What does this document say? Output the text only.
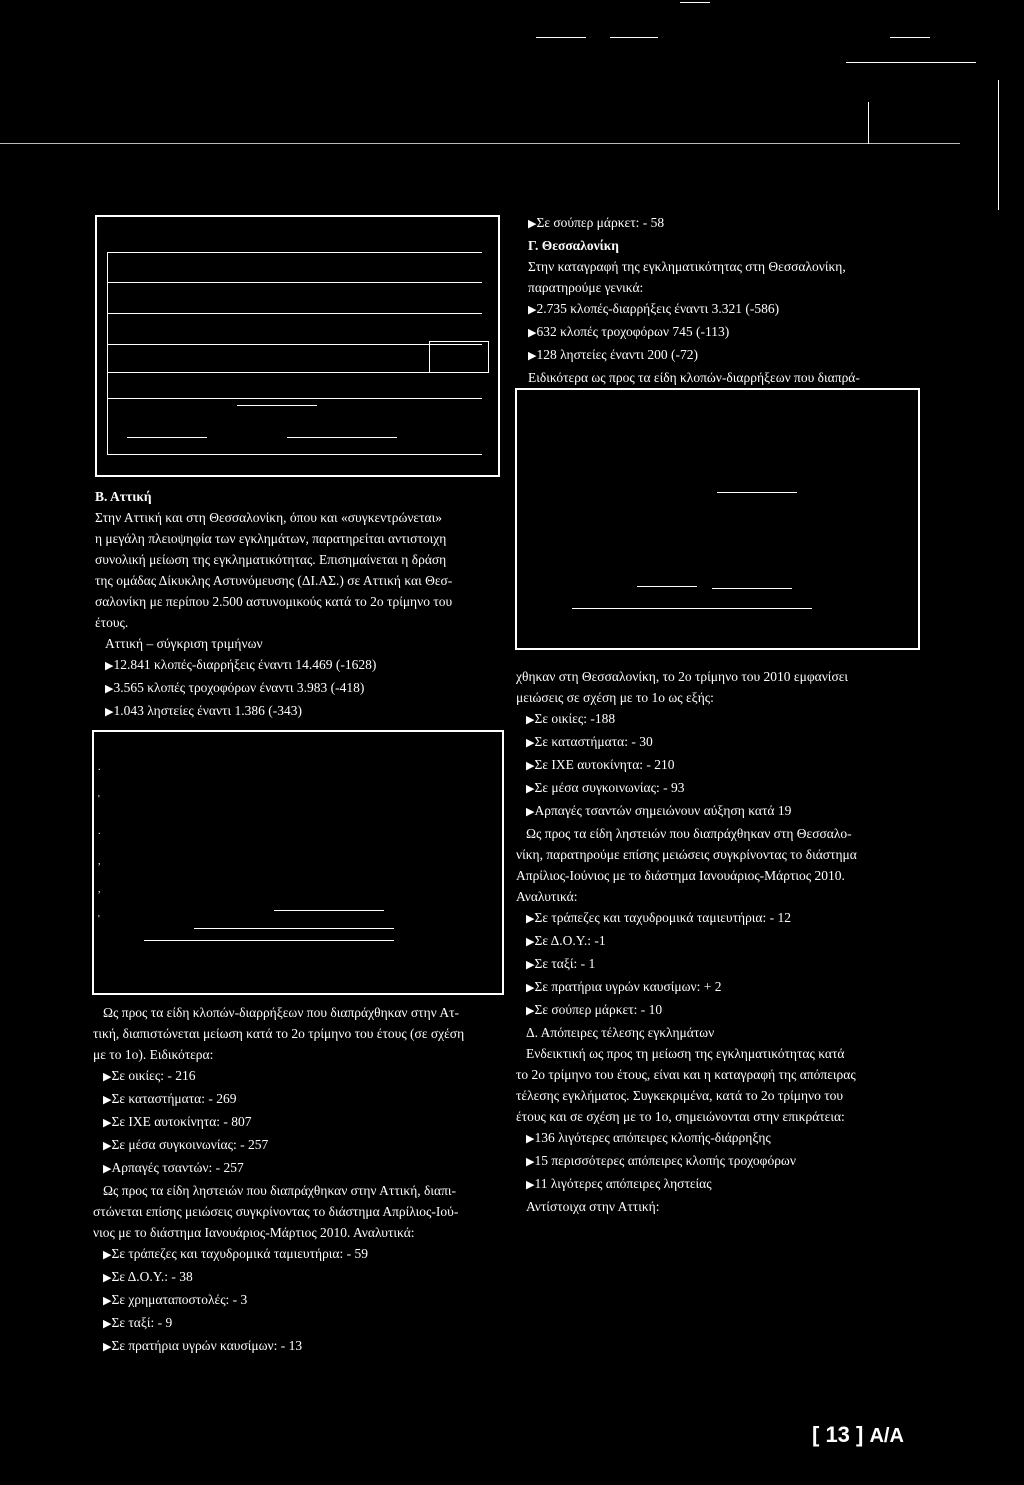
▶ Σε σούπερ μάρκετ: - 58

Γ. Θεσσαλονίκη

Στην καταγραφή της εγκληματικότητας στη Θεσσαλονίκη,

παρατηρούμε γενικά:

▶ 2.735 κλοπές-διαρρήξεις έναντι 3.321 (-586)

▶ 632 κλοπές τροχοφόρων 745 (-113)

▶ 128 ληστείες έναντι 200 (-72)

Ειδικότερα ως προς τα είδη κλοπών-διαρρήξεων που διαπρά-

Β. Αττική

Στην Αττική και στη Θεσσαλονίκη, όπου και «συγκεντρώνεται»

η μεγάλη πλειοψηφία των εγκλημάτων, παρατηρείται αντιστοιχη

συνολική μείωση της εγκληματικότητας. Επισημαίνεται η δράση

της ομάδας Δίκυκλης Αστυνόμευσης (ΔΙ.ΑΣ.) σε Αττική και Θεσ-

σαλονίκη με περίπου 2.500 αστυνομικούς κατά το 2ο τρίμηνο του

έτους.

Αττική – σύγκριση τριμήνων

▶ 12.841 κλοπές-διαρρήξεις έναντι 14.469 (-1628)

▶ 3.565 κλοπές τροχοφόρων έναντι 3.983 (-418)

▶ 1.043 ληστείες έναντι 1.386 (-343)

.
'
.
,
,
'

Ως προς τα είδη κλοπών-διαρρήξεων που διαπράχθηκαν στην Ατ-

τική, διαπιστώνεται μείωση κατά το 2ο τρίμηνο του έτους (σε σχέση

με το 1ο). Ειδικότερα:

▶ Σε οικίες: - 216

▶ Σε καταστήματα: - 269

▶ Σε ΙΧΕ αυτοκίνητα: - 807

▶ Σε μέσα συγκοινωνίας: - 257

▶ Αρπαγές τσαντών: - 257

Ως προς τα είδη ληστειών που διαπράχθηκαν στην Αττική, διαπι-

στώνεται επίσης μειώσεις συγκρίνοντας το διάστημα Απρίλιος-Ιού-

νιος με το διάστημα Ιανουάριος-Μάρτιος 2010. Αναλυτικά:

▶ Σε τράπεζες και ταχυδρομικά ταμιευτήρια: - 59

▶ Σε Δ.Ο.Υ.: - 38

▶ Σε χρηματαποστολές: - 3

▶ Σε ταξί: - 9

▶ Σε πρατήρια υγρών καυσίμων: - 13

χθηκαν στη Θεσσαλονίκη, το 2ο τρίμηνο του 2010 εμφανίσει

μειώσεις σε σχέση με το 1ο ως εξής:

▶ Σε οικίες: -188

▶ Σε καταστήματα: - 30

▶ Σε ΙΧΕ αυτοκίνητα: - 210

▶ Σε μέσα συγκοινωνίας: - 93

▶ Αρπαγές τσαντών σημειώνουν αύξηση κατά 19

Ως προς τα είδη ληστειών που διαπράχθηκαν στη Θεσσαλο-

νίκη, παρατηρούμε επίσης μειώσεις συγκρίνοντας το διάστημα

Απρίλιος-Ιούνιος με το διάστημα Ιανουάριος-Μάρτιος 2010.

Αναλυτικά:

▶ Σε τράπεζες και ταχυδρομικά ταμιευτήρια: - 12

▶ Σε Δ.Ο.Υ.: -1

▶ Σε ταξί: - 1

▶ Σε πρατήρια υγρών καυσίμων: + 2

▶ Σε σούπερ μάρκετ: - 10

Δ. Απόπειρες τέλεσης εγκλημάτων

Ενδεικτική ως προς τη μείωση της εγκληματικότητας κατά

το 2ο τρίμηνο του έτους, είναι και η καταγραφή της απόπειρας

τέλεσης εγκλήματος. Συγκεκριμένα, κατά το 2ο τρίμηνο του

έτους και σε σχέση με το 1ο, σημειώνονται στην επικράτεια:

▶ 136 λιγότερες απόπειρες κλοπής-διάρρηξης

▶ 15 περισσότερες απόπειρες κλοπής τροχοφόρων

▶ 11 λιγότερες απόπειρες ληστείας

Αντίστοιχα στην Αττική:

[ 13 ] Α/Α
